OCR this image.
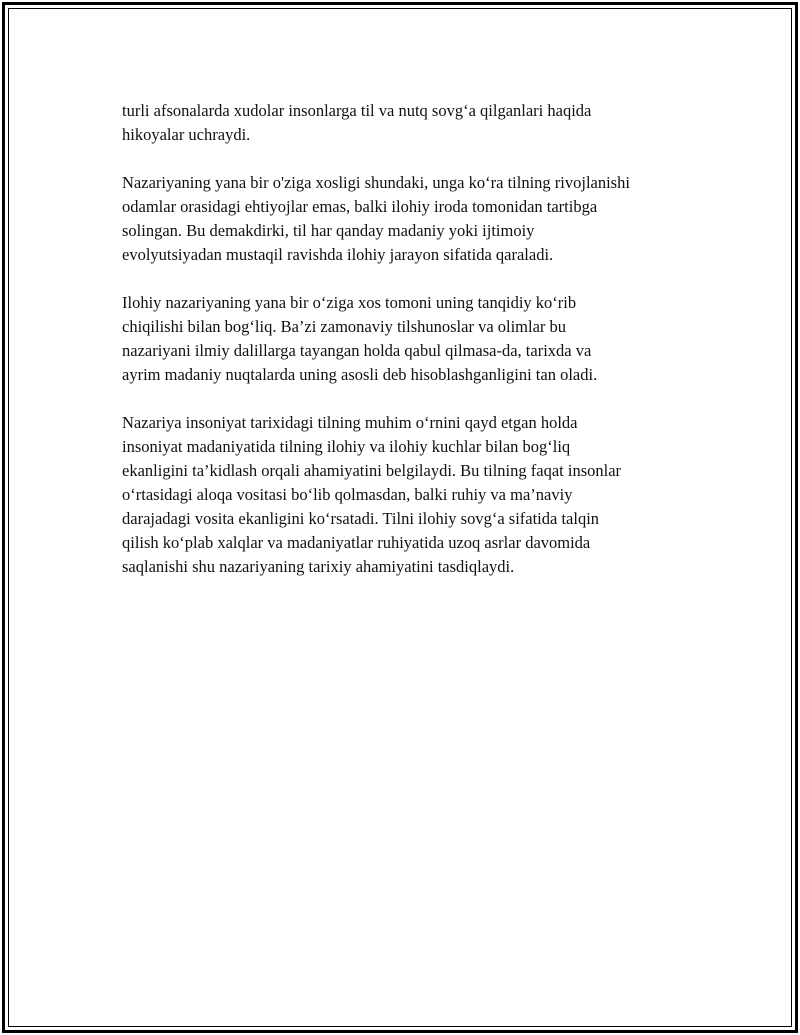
turli afsonalarda xudolar insonlarga til va nutq sovg‘a qilganlari haqida
hikoyalar uchraydi.

Nazariyaning yana bir o'ziga xosligi shundaki, unga ko‘ra tilning rivojlanishi
odamlar orasidagi ehtiyojlar emas, balki ilohiy iroda tomonidan tartibga
solingan. Bu demakdirki, til har qanday madaniy yoki ijtimoiy
evolyutsiyadan mustaqil ravishda ilohiy jarayon sifatida qaraladi.

Ilohiy nazariyaning yana bir o‘ziga xos tomoni uning tanqidiy ko‘rib
chiqilishi bilan bog‘liq. Ba’zi zamonaviy tilshunoslar va olimlar bu
nazariyani ilmiy dalillarga tayangan holda qabul qilmasa-da, tarixda va
ayrim madaniy nuqtalarda uning asosli deb hisoblashganligini tan oladi.

Nazariya insoniyat tarixidagi tilning muhim o‘rnini qayd etgan holda
insoniyat madaniyatida tilning ilohiy va ilohiy kuchlar bilan bog‘liq
ekanligini ta’kidlash orqali ahamiyatini belgilaydi. Bu tilning faqat insonlar
o‘rtasidagi aloqa vositasi bo‘lib qolmasdan, balki ruhiy va ma’naviy
darajadagi vosita ekanligini ko‘rsatadi. Tilni ilohiy sovg‘a sifatida talqin
qilish ko‘plab xalqlar va madaniyatlar ruhiyatida uzoq asrlar davomida
saqlanishi shu nazariyaning tarixiy ahamiyatini tasdiqlaydi.
